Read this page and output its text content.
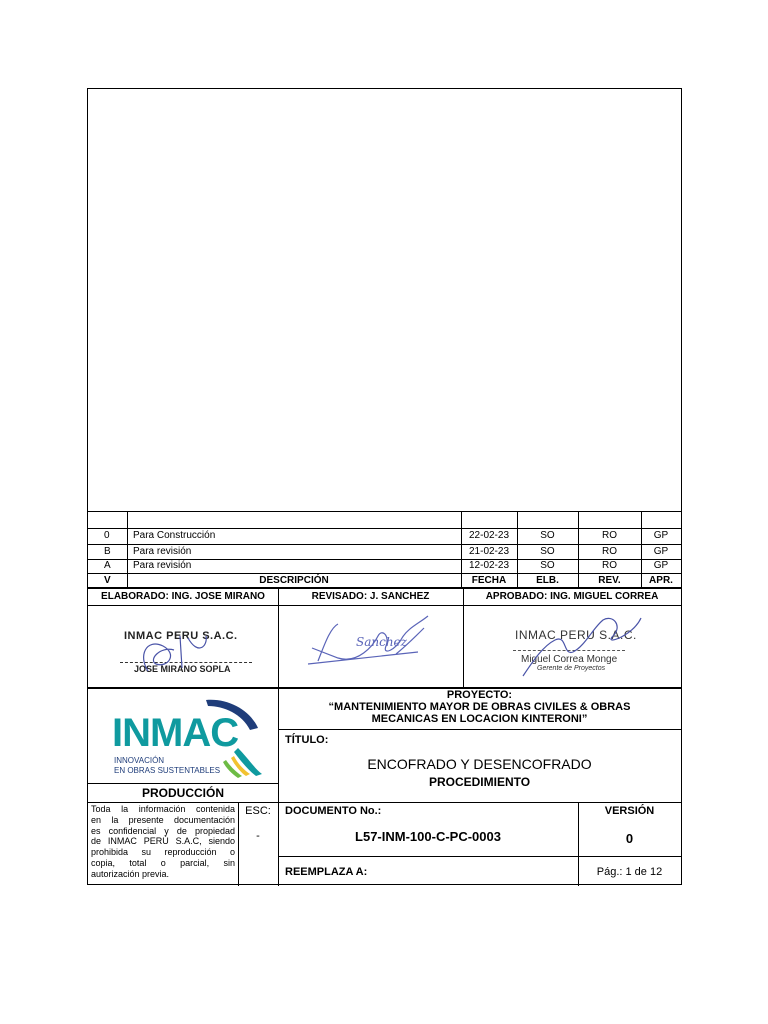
0 Para Construcción	22-02-23	SO	RO	GP
B Para revisión	21-02-23	SO	RO	GP
A Para revisión	12-02-23	SO	RO	GP
V	DESCRIPCIÓN	FECHA	ELB.	REV.	APR.
ELABORADO: ING. JOSE MIRANO	REVISADO: J. SANCHEZ	APROBADO: ING. MIGUEL CORREA
INMAC PERU S.A.C.
JOSE MIRANO SOPLA
Sanchez	INMAC PERU S.A.C.
Miguel Correa Monge
Gerente de Proyectos
INMAC
INNOVACIÓN
EN OBRAS SUSTENTABLES
PRODUCCIÓN
PROYECTO:
“MANTENIMIENTO MAYOR DE OBRAS CIVILES & OBRAS
MECANICAS EN LOCACION KINTERONI”
TÍTULO:
ENCOFRADO Y DESENCOFRADO
PROCEDIMIENTO
Toda la información contenida
en la presente documentación
es confidencial y de propiedad
de INMAC PERÚ S.A.C, siendo
prohibida su reproducción o
copia, total o parcial, sin
autorización previa.
ESC:
-
DOCUMENTO No.:
L57-INM-100-C-PC-0003
VERSIÓN
0
REEMPLAZA A:	Pág.: 1 de 12
